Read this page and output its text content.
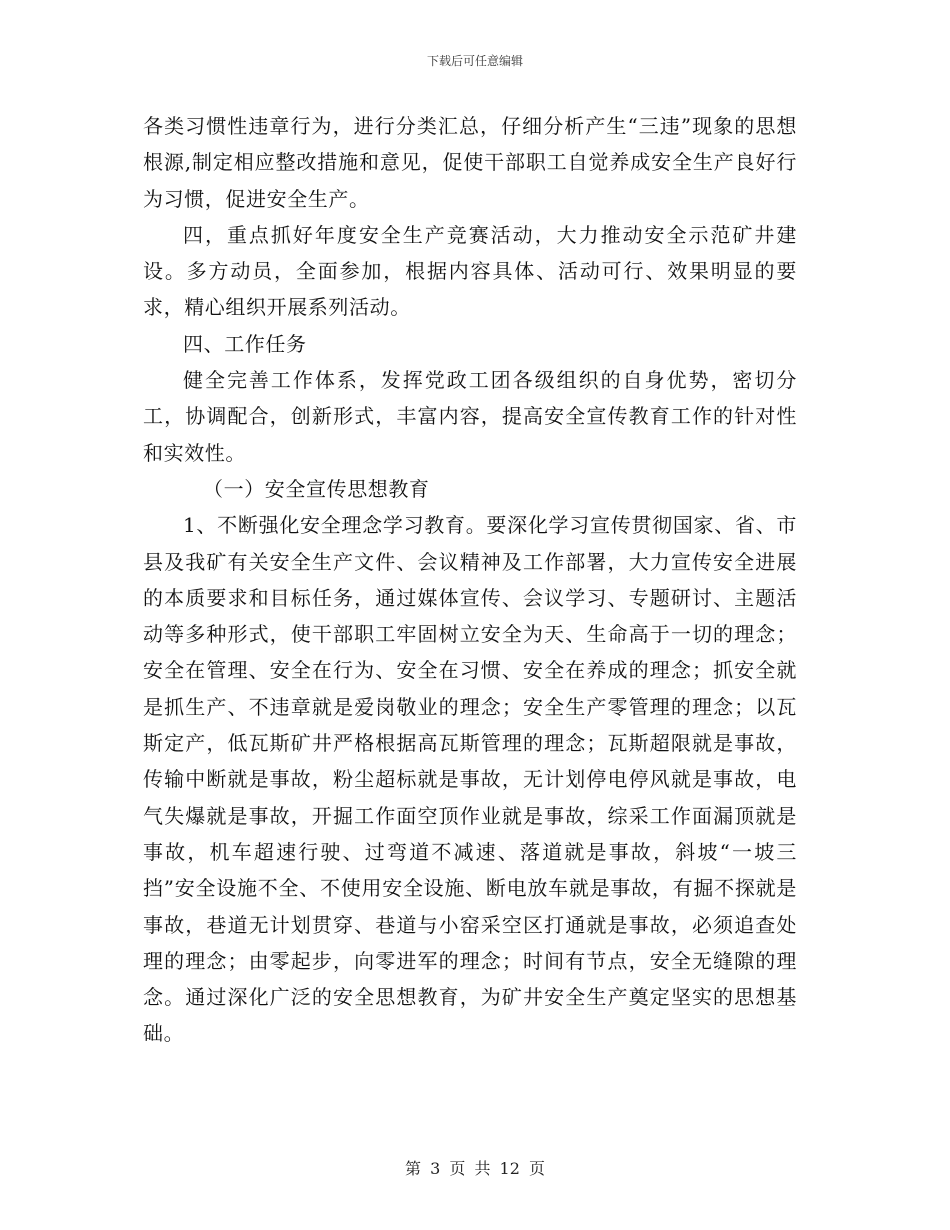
下载后可任意编辑

各类习惯性违章行为，进行分类汇总，仔细分析产生“三违”现象的思想根源,制定相应整改措施和意见，促使干部职工自觉养成安全生产良好行为习惯，促进安全生产。

四，重点抓好年度安全生产竞赛活动，大力推动安全示范矿井建设。多方动员，全面参加，根据内容具体、活动可行、效果明显的要求，精心组织开展系列活动。

四、工作任务

健全完善工作体系，发挥党政工团各级组织的自身优势，密切分工，协调配合，创新形式，丰富内容，提高安全宣传教育工作的针对性和实效性。

（一）安全宣传思想教育

1、不断强化安全理念学习教育。要深化学习宣传贯彻国家、省、市县及我矿有关安全生产文件、会议精神及工作部署，大力宣传安全进展的本质要求和目标任务，通过媒体宣传、会议学习、专题研讨、主题活动等多种形式，使干部职工牢固树立安全为天、生命高于一切的理念；安全在管理、安全在行为、安全在习惯、安全在养成的理念；抓安全就是抓生产、不违章就是爱岗敬业的理念；安全生产零管理的理念；以瓦斯定产，低瓦斯矿井严格根据高瓦斯管理的理念；瓦斯超限就是事故，传输中断就是事故，粉尘超标就是事故，无计划停电停风就是事故，电气失爆就是事故，开掘工作面空顶作业就是事故，综采工作面漏顶就是事故，机车超速行驶、过弯道不减速、落道就是事故，斜坡“一坡三挡”安全设施不全、不使用安全设施、断电放车就是事故，有掘不探就是事故，巷道无计划贯穿、巷道与小窑采空区打通就是事故，必须追查处理的理念；由零起步，向零进军的理念；时间有节点，安全无缝隙的理念。通过深化广泛的安全思想教育，为矿井安全生产奠定坚实的思想基础。

第 3 页 共 12 页
